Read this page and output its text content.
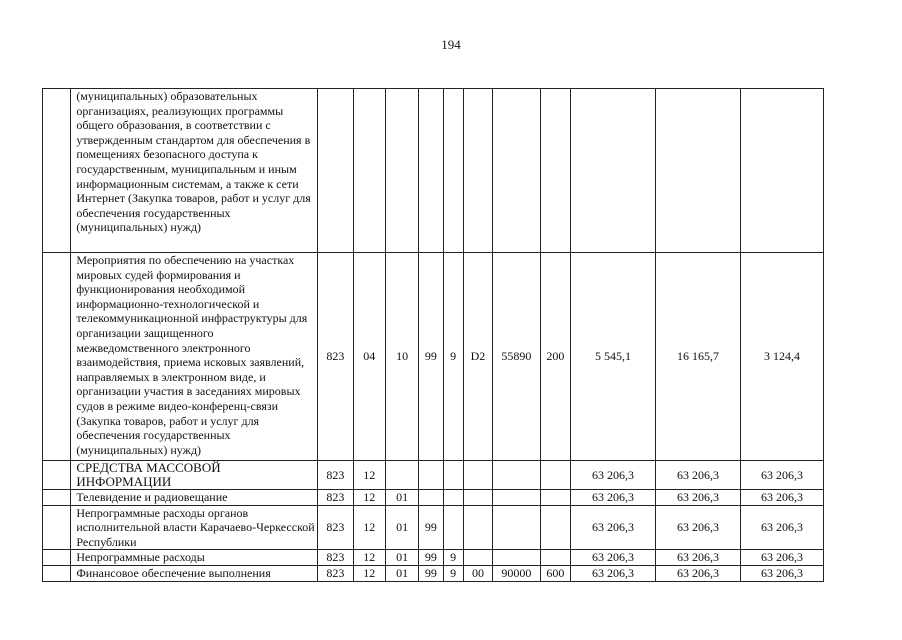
194
	(муниципальных) образовательных организациях, реализующих программы общего образования, в соответствии с утвержденным стандартом для обеспечения в помещениях безопасного доступа к государственным, муниципальным и иным информационным системам, а также к сети Интернет (Закупка товаров, работ и услуг для обеспечения государственных (муниципальных) нужд)											
	Мероприятия по обеспечению на участках мировых судей формирования и функционирования необходимой информационно-технологической и телекоммуникационной инфраструктуры для организации защищенного межведомственного электронного взаимодействия, приема исковых заявлений, направляемых в электронном виде, и организации участия в заседаниях мировых судов в режиме видео-конференц-связи (Закупка товаров, работ и услуг для обеспечения государственных (муниципальных) нужд)	823	04	10	99	9	D2	55890	200	5 545,1	16 165,7	3 124,4
	СРЕДСТВА МАССОВОЙ ИНФОРМАЦИИ	823	12							63 206,3	63 206,3	63 206,3
	Телевидение и радиовещание	823	12	01						63 206,3	63 206,3	63 206,3
	Непрограммные расходы органов исполнительной власти Карачаево-Черкесской Республики	823	12	01	99					63 206,3	63 206,3	63 206,3
	Непрограммные расходы	823	12	01	99	9				63 206,3	63 206,3	63 206,3
	Финансовое обеспечение выполнения	823	12	01	99	9	00	90000	600	63 206,3	63 206,3	63 206,3
